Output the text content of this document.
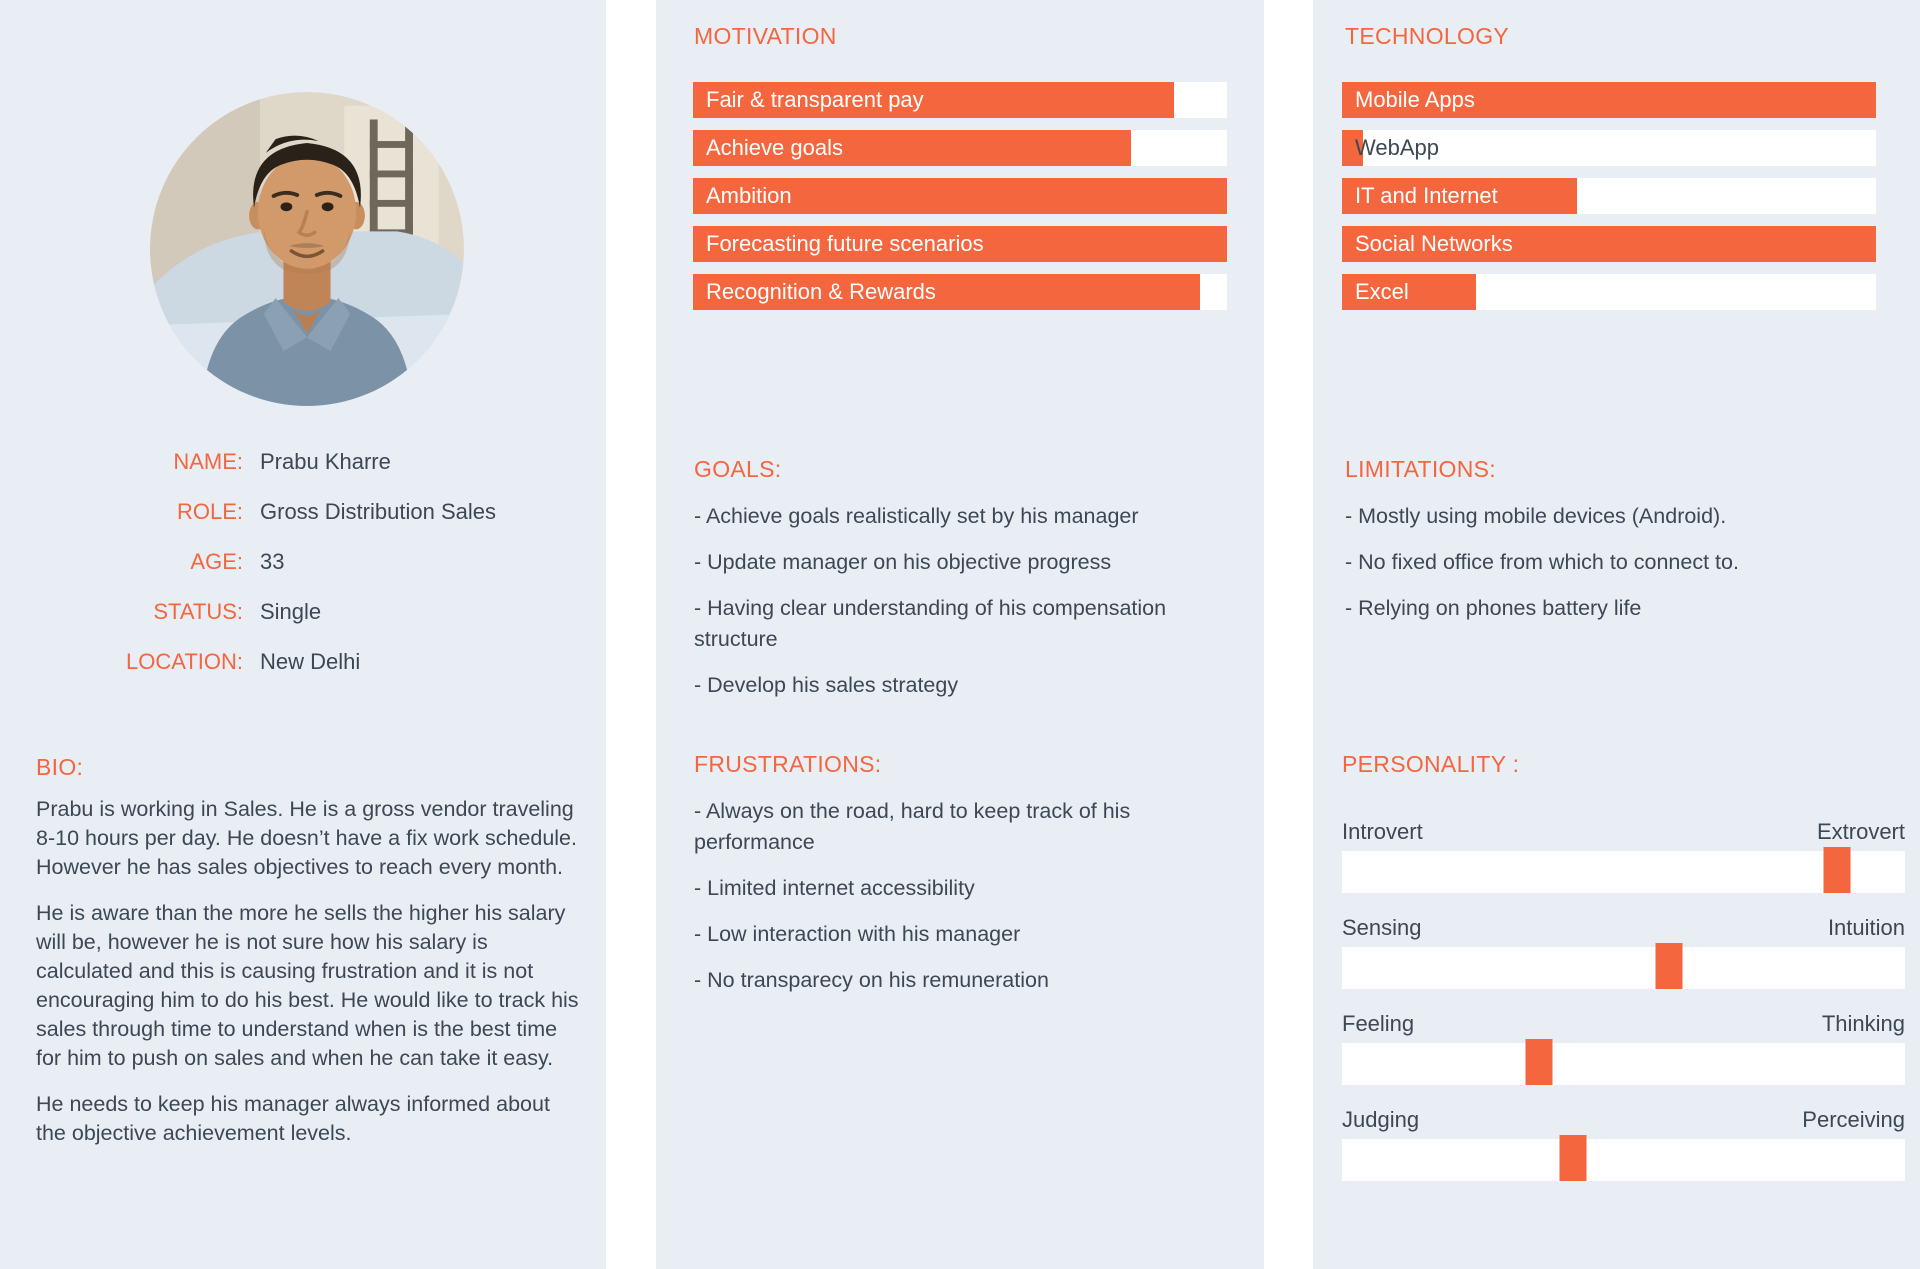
NAME: Prabu Kharre
ROLE: Gross Distribution Sales
AGE: 33
STATUS: Single
LOCATION: New Delhi
BIO:

Prabu is working in Sales. He is a gross vendor traveling 8-10 hours per day. He doesn’t have a fix work schedule. However he has sales objectives to reach every month.

He is aware than the more he sells the higher his salary will be, however he is not sure how his salary is calculated and this is causing frustration and it is not encouraging him to do his best. He would like to track his sales through time to understand when is the best time for him to push on sales and when he can take it easy.

He needs to keep his manager always informed about the objective achievement levels.

MOTIVATION
Fair & transparent pay
Achieve goals
Ambition
Forecasting future scenarios
Recognition & Rewards
GOALS:
- Achieve goals realistically set by his manager
- Update manager on his objective progress
- Having clear understanding of his compensation structure
- Develop his sales strategy
FRUSTRATIONS:
- Always on the road, hard to keep track of his performance
- Limited internet accessibility
- Low interaction with his manager
- No transparecy on his remuneration
TECHNOLOGY
Mobile Apps
WebApp
IT and Internet
Social Networks
Excel
LIMITATIONS:
- Mostly using mobile devices (Android).
- No fixed office from which to connect to.
- Relying on phones battery life
PERSONALITY :
Introvert	Extrovert
Sensing	Intuition
Feeling	Thinking
Judging	Perceiving
